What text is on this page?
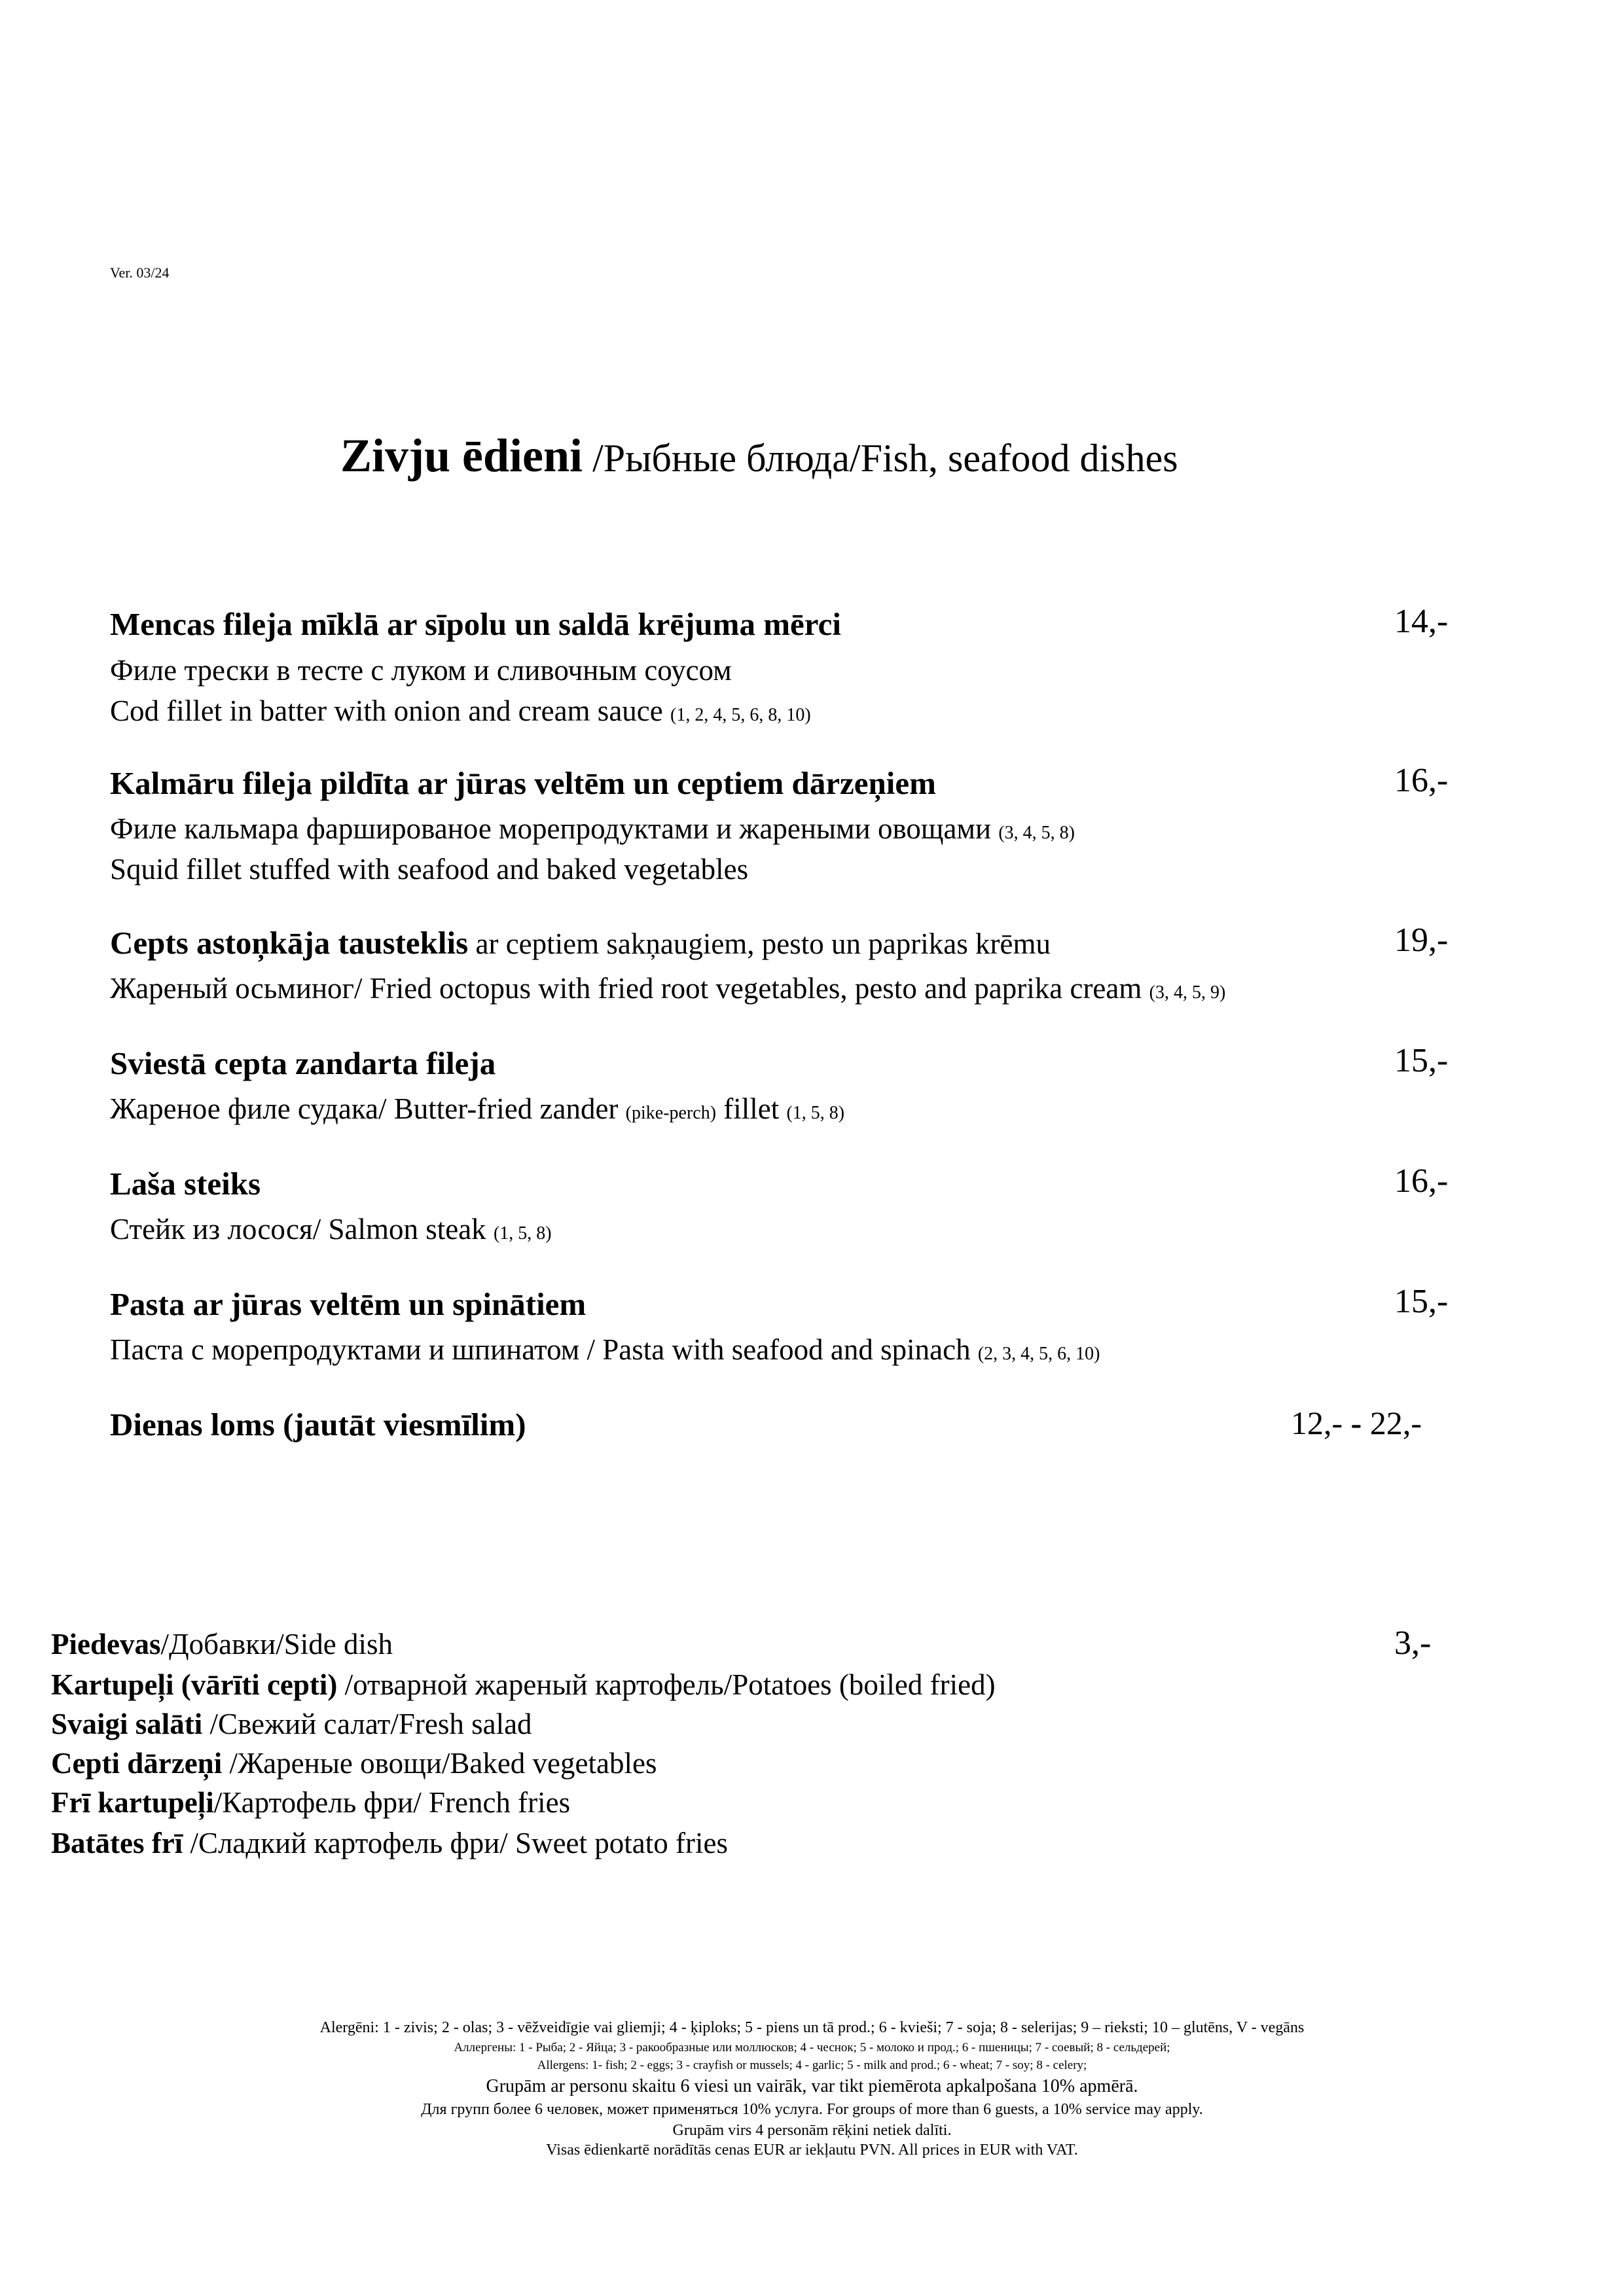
Ver. 03/24
Zivju ēdieni /Рыбные блюда/Fish, seafood dishes
Mencas fileja mīklā ar sīpolu un saldā krējuma mērci	14,-
Филе трески в тесте с луком и сливочным соусом
Cod fillet in batter with onion and cream sauce (1, 2, 4, 5, 6, 8, 10)
Kalmāru fileja pildīta ar jūras veltēm un ceptiem dārzeņiem	16,-
Филе кальмара фаршированое морепродуктами и жареными овощами (3, 4, 5, 8)
Squid fillet stuffed with seafood and baked vegetables
Cepts astoņkāja tausteklis ar ceptiem sakņaugiem, pesto un paprikas krēmu	19,-
Жареный осьминог/ Fried octopus with fried root vegetables, pesto and paprika cream (3, 4, 5, 9)
Sviestā cepta zandarta fileja	15,-
Жареное филе судака/ Butter-fried zander (pike-perch) fillet (1, 5, 8)
Laša steiks	16,-
Стейк из лосося/ Salmon steak (1, 5, 8)
Pasta ar jūras veltēm un spinātiem	15,-
Паста с морепродуктами и шпинатом / Pasta with seafood and spinach (2, 3, 4, 5, 6, 10)
Dienas loms (jautāt viesmīlim)	12,- - 22,-
Piedevas/Добавки/Side dish	3,-
Kartupeļi (vārīti cepti) /отварной жареный картофель/Potatoes (boiled fried)
Svaigi salāti /Свежий салат/Fresh salad
Cepti dārzeņi /Жареные овощи/Baked vegetables
Frī kartupeļi/Картофель фри/ French fries
Batātes frī /Сладкий картофель фри/ Sweet potato fries
Alergēni: 1 - zivis; 2 - olas; 3 - vēžveidīgie vai gliemji; 4 - ķiploks; 5 - piens un tā prod.; 6 - kvieši; 7 - soja; 8 - selerijas; 9 – rieksti; 10 – glutēns, V - vegāns
Аллергены: 1 - Рыба; 2 - Яйца; 3 - ракообразные или моллюсков; 4 - чеснок; 5 - молоко и прод.; 6 - пшеницы; 7 - соевый; 8 - сельдерей;
Allergens: 1- fish; 2 - eggs; 3 - crayfish or mussels; 4 - garlic; 5 - milk and prod.; 6 - wheat; 7 - soy; 8 - celery;
Grupām ar personu skaitu 6 viesi un vairāk, var tikt piemērota apkalpošana 10% apmērā.
Для групп более 6 человек, может применяться 10% услуга. For groups of more than 6 guests, a 10% service may apply.
Grupām virs 4 personām rēķini netiek dalīti.
Visas ēdienkartē norādītās cenas EUR ar iekļautu PVN. All prices in EUR with VAT.
